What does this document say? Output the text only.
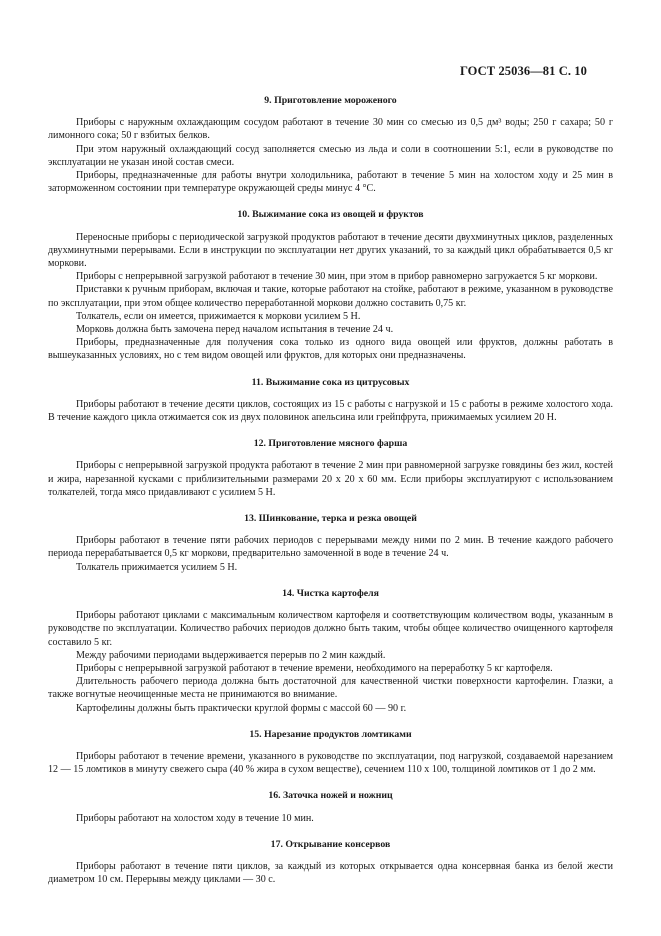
ГОСТ 25036—81 С. 10
9. Приготовление мороженого

Приборы с наружным охлаждающим сосудом работают в течение 30 мин со смесью из 0,5 дм³ воды; 250 г сахара; 50 г лимонного сока; 50 г взбитых белков.

При этом наружный охлаждающий сосуд заполняется смесью из льда и соли в соотношении 5:1, если в руководстве по эксплуатации не указан иной состав смеси.

Приборы, предназначенные для работы внутри холодильника, работают в течение 5 мин на холостом ходу и 25 мин в заторможенном состоянии при температуре окружающей среды минус 4 °С.

10. Выжимание сока из овощей и фруктов

Переносные приборы с периодической загрузкой продуктов работают в течение десяти двухминутных циклов, разделенных двухминутными перерывами. Если в инструкции по эксплуатации нет других указаний, то за каждый цикл обрабатывается 0,5 кг моркови.

Приборы с непрерывной загрузкой работают в течение 30 мин, при этом в прибор равномерно загружается 5 кг моркови.

Приставки к ручным приборам, включая и такие, которые работают на стойке, работают в режиме, указанном в руководстве по эксплуатации, при этом общее количество переработанной моркови должно составить 0,75 кг.

Толкатель, если он имеется, прижимается к моркови усилием 5 Н.

Морковь должна быть замочена перед началом испытания в течение 24 ч.

Приборы, предназначенные для получения сока только из одного вида овощей или фруктов, должны работать в вышеуказанных условиях, но с тем видом овощей или фруктов, для которых они предназначены.

11. Выжимание сока из цитрусовых

Приборы работают в течение десяти циклов, состоящих из 15 с работы с нагрузкой и 15 с работы в режиме холостого хода. В течение каждого цикла отжимается сок из двух половинок апельсина или грейпфрута, прижимаемых усилием 20 Н.

12. Приготовление мясного фарша

Приборы с непрерывной загрузкой продукта работают в течение 2 мин при равномерной загрузке говядины без жил, костей и жира, нарезанной кусками с приблизительными размерами 20 х 20 х 60 мм. Если приборы эксплуатируют с использованием толкателей, тогда мясо придавливают с усилием 5 Н.

13. Шинкование, терка и резка овощей

Приборы работают в течение пяти рабочих периодов с перерывами между ними по 2 мин. В течение каждого рабочего периода перерабатывается 0,5 кг моркови, предварительно замоченной в воде в течение 24 ч.

Толкатель прижимается усилием 5 Н.

14. Чистка картофеля

Приборы работают циклами с максимальным количеством картофеля и соответствующим количеством воды, указанным в руководстве по эксплуатации. Количество рабочих периодов должно быть таким, чтобы общее количество очищенного картофеля составило 5 кг.

Между рабочими периодами выдерживается перерыв по 2 мин каждый.

Приборы с непрерывной загрузкой работают в течение времени, необходимого на переработку 5 кг картофеля.

Длительность рабочего периода должна быть достаточной для качественной чистки поверхности картофелин. Глазки, а также вогнутые неочищенные места не принимаются во внимание.

Картофелины должны быть практически круглой формы с массой 60 — 90 г.

15. Нарезание продуктов ломтиками

Приборы работают в течение времени, указанного в руководстве по эксплуатации, под нагрузкой, создаваемой нарезанием 12 — 15 ломтиков в минуту свежего сыра (40 % жира в сухом веществе), сечением 110 х 100, толщиной ломтиков от 1 до 2 мм.

16. Заточка ножей и ножниц

Приборы работают на холостом ходу в течение 10 мин.

17. Открывание консервов

Приборы работают в течение пяти циклов, за каждый из которых открывается одна консервная банка из белой жести диаметром 10 см. Перерывы между циклами — 30 с.
